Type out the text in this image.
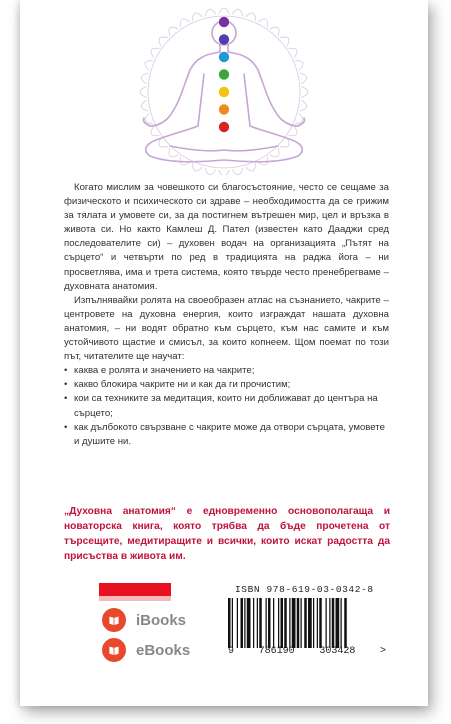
Когато мислим за човешкото си благосъстояние, често се сещаме за физическото и психическото си здраве – необходимостта да се грижим за тялата и умовете си, за да постигнем вътрешен мир, цел и връзка в живота си. Но както Камлеш Д. Пател (известен като Дааджи сред последователите си) – духовен водач на организацията „Пътят на сърцето“ и четвърти по ред в традицията на раджа йога – ни просветлява, има и трета система, която твърде често пренебрегваме – духовната анатомия.

Изпълнявайки ролята на своеобразен атлас на съзнанието, чакрите – центровете на духовна енергия, които изграждат нашата духовна анатомия, – ни водят обратно към сърцето, към нас самите и към устойчивото щастие и смисъл, за които копнеем. Щом поемат по този път, читателите ще научат:

• каква е ролята и значението на чакрите;
• какво блокира чакрите ни и как да ги прочистим;
• кои са техниките за медитация, които ни доближават до центъра на сърцето;
• как дълбокото свързване с чакрите може да отвори сърцата, умовете и душите ни.
„Духовна анатомия“ е едновременно основополагаща и новаторска книга, която трябва да бъде прочетена от търсещите, медитиращите и всички, които искат радостта да присъства в живота им.
iBooks
eBooks
ISBN 978-619-03-0342-8
9 786190 303428 >
